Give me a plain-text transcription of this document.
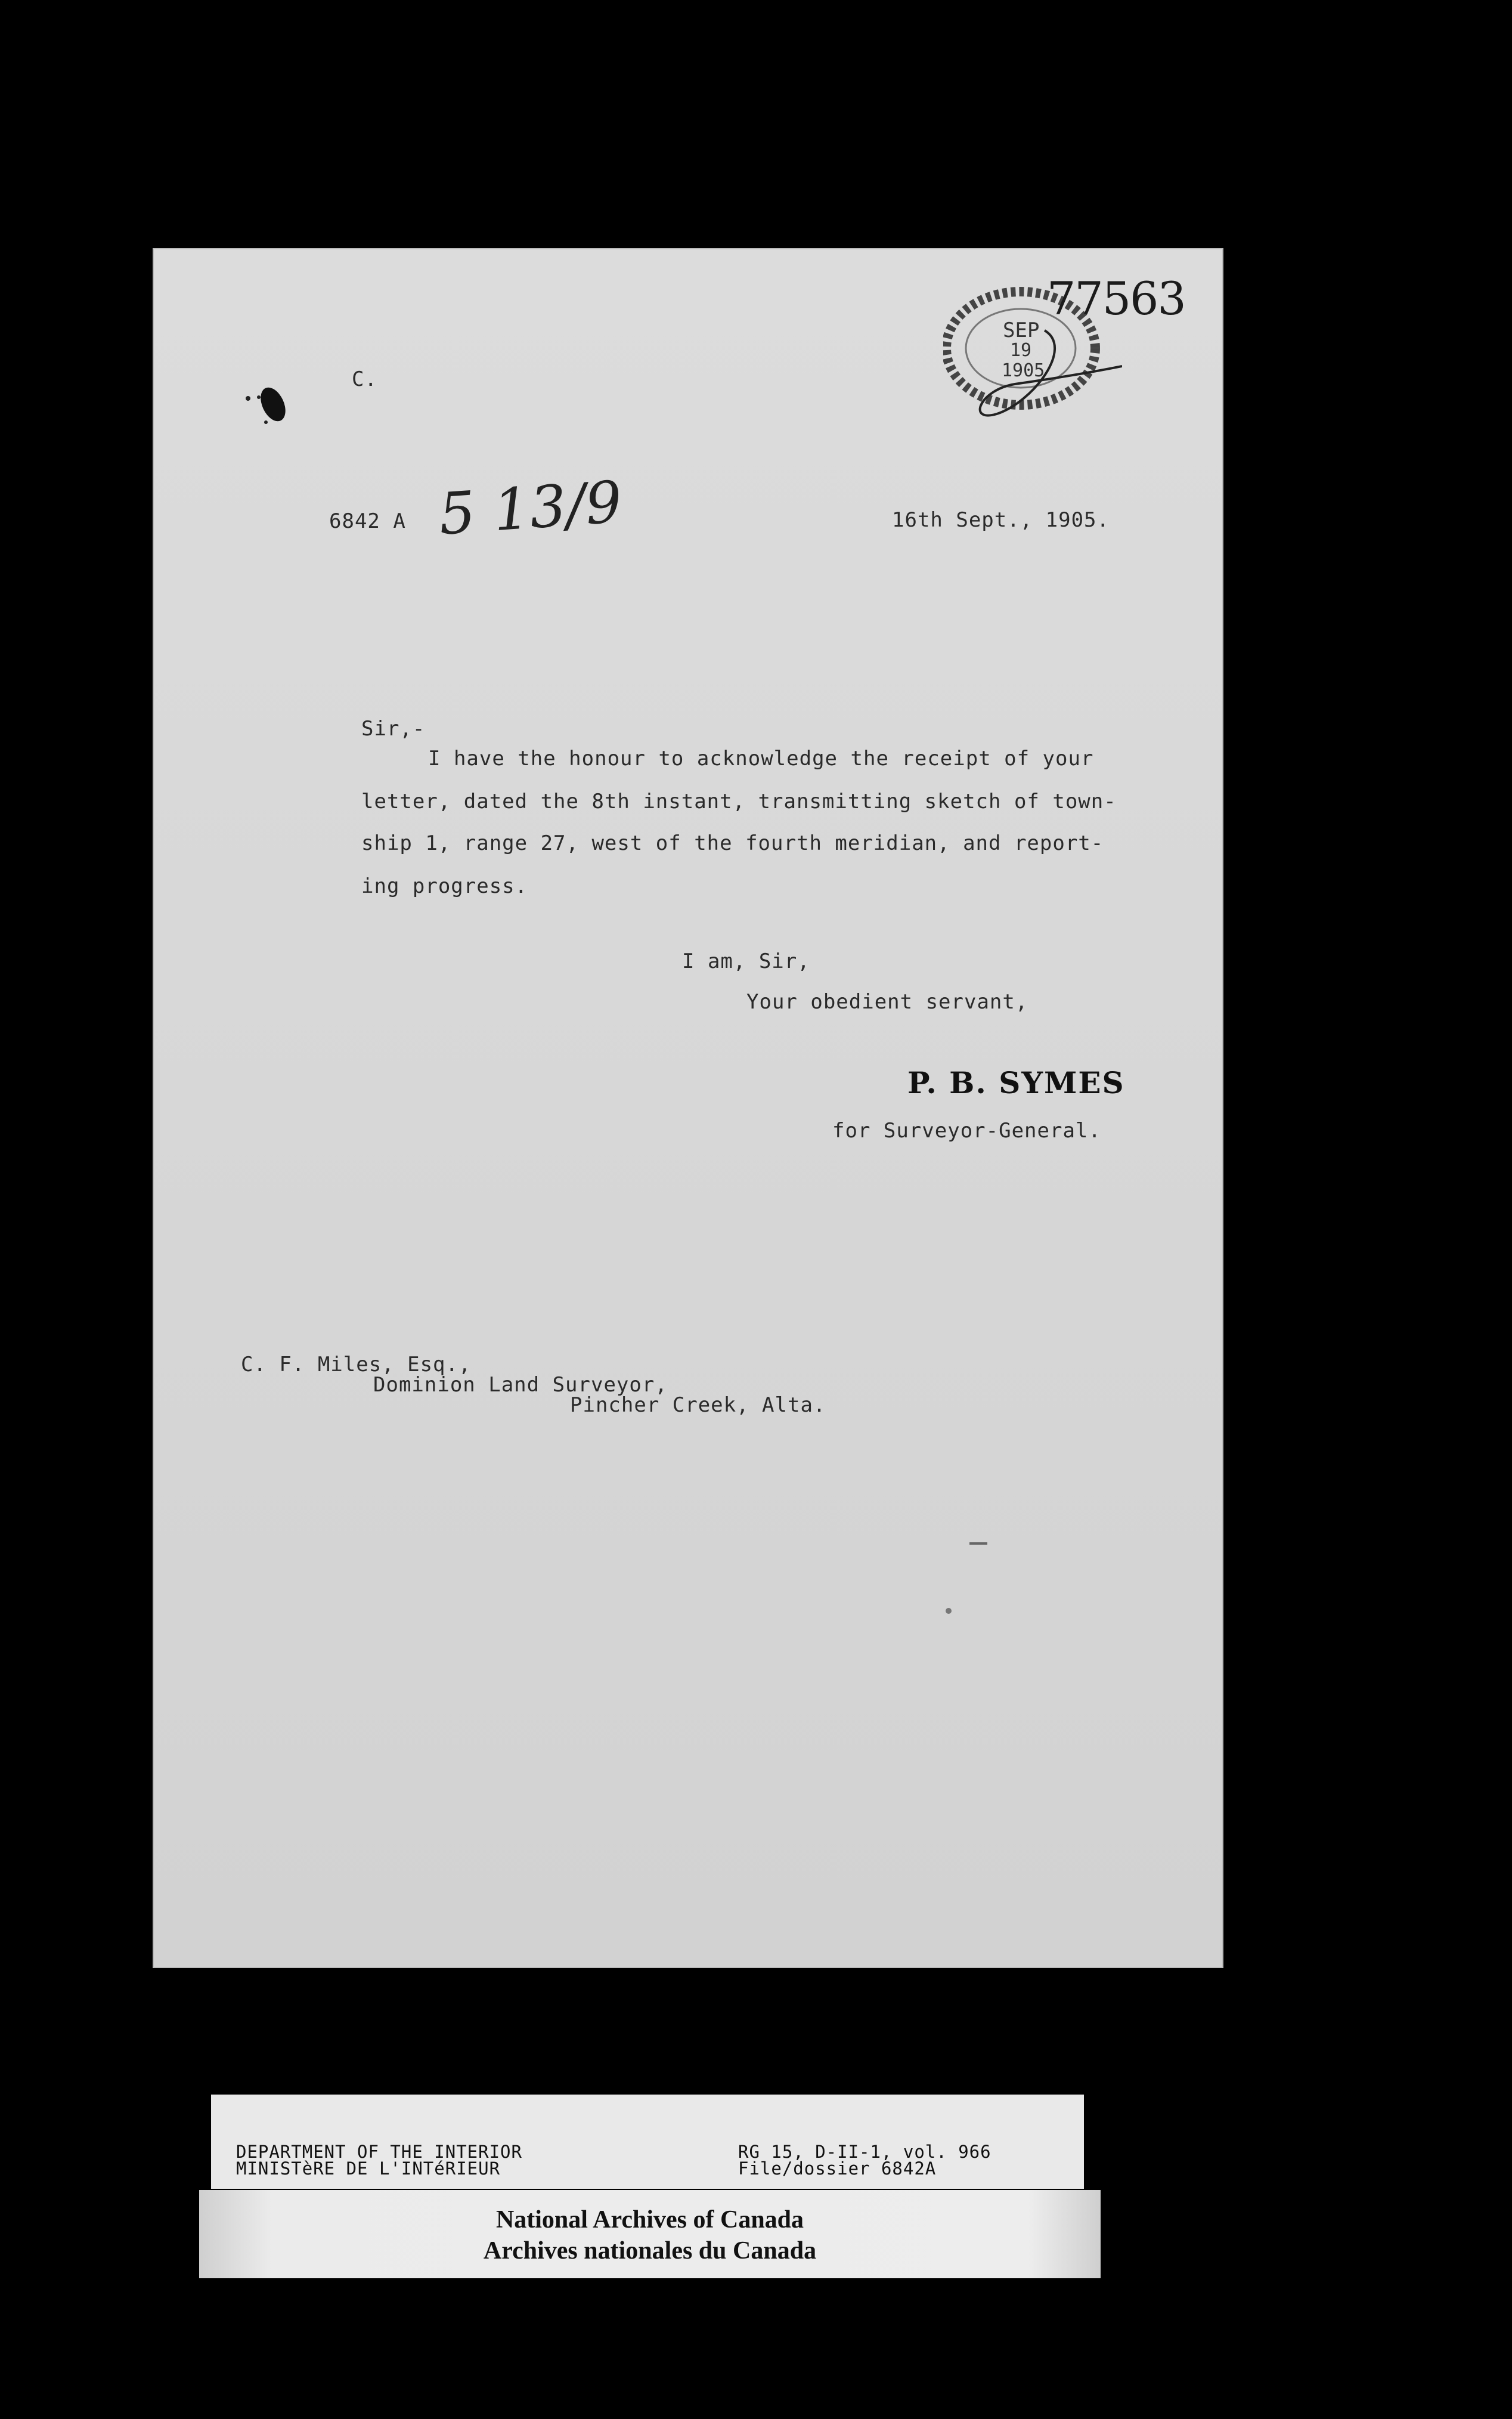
SEP
19
1905
77563
C.
6842 A 5 13/9	16th Sept., 1905.
Sir,-
I have the honour to acknowledge the receipt of your
letter, dated the 8th instant, transmitting sketch of town-
ship 1, range 27, west of the fourth meridian, and report-
ing progress.
I am, Sir,
Your obedient servant,
P. B. SYMES
for Surveyor-General.
C. F. Miles, Esq.,
Dominion Land Surveyor,
Pincher Creek, Alta.
DEPARTMENT OF THE INTERIOR
MINISTèRE DE L'INTéRIEUR
RG 15, D-II-1, vol. 966
File/dossier 6842A
National Archives of Canada
Archives nationales du Canada
